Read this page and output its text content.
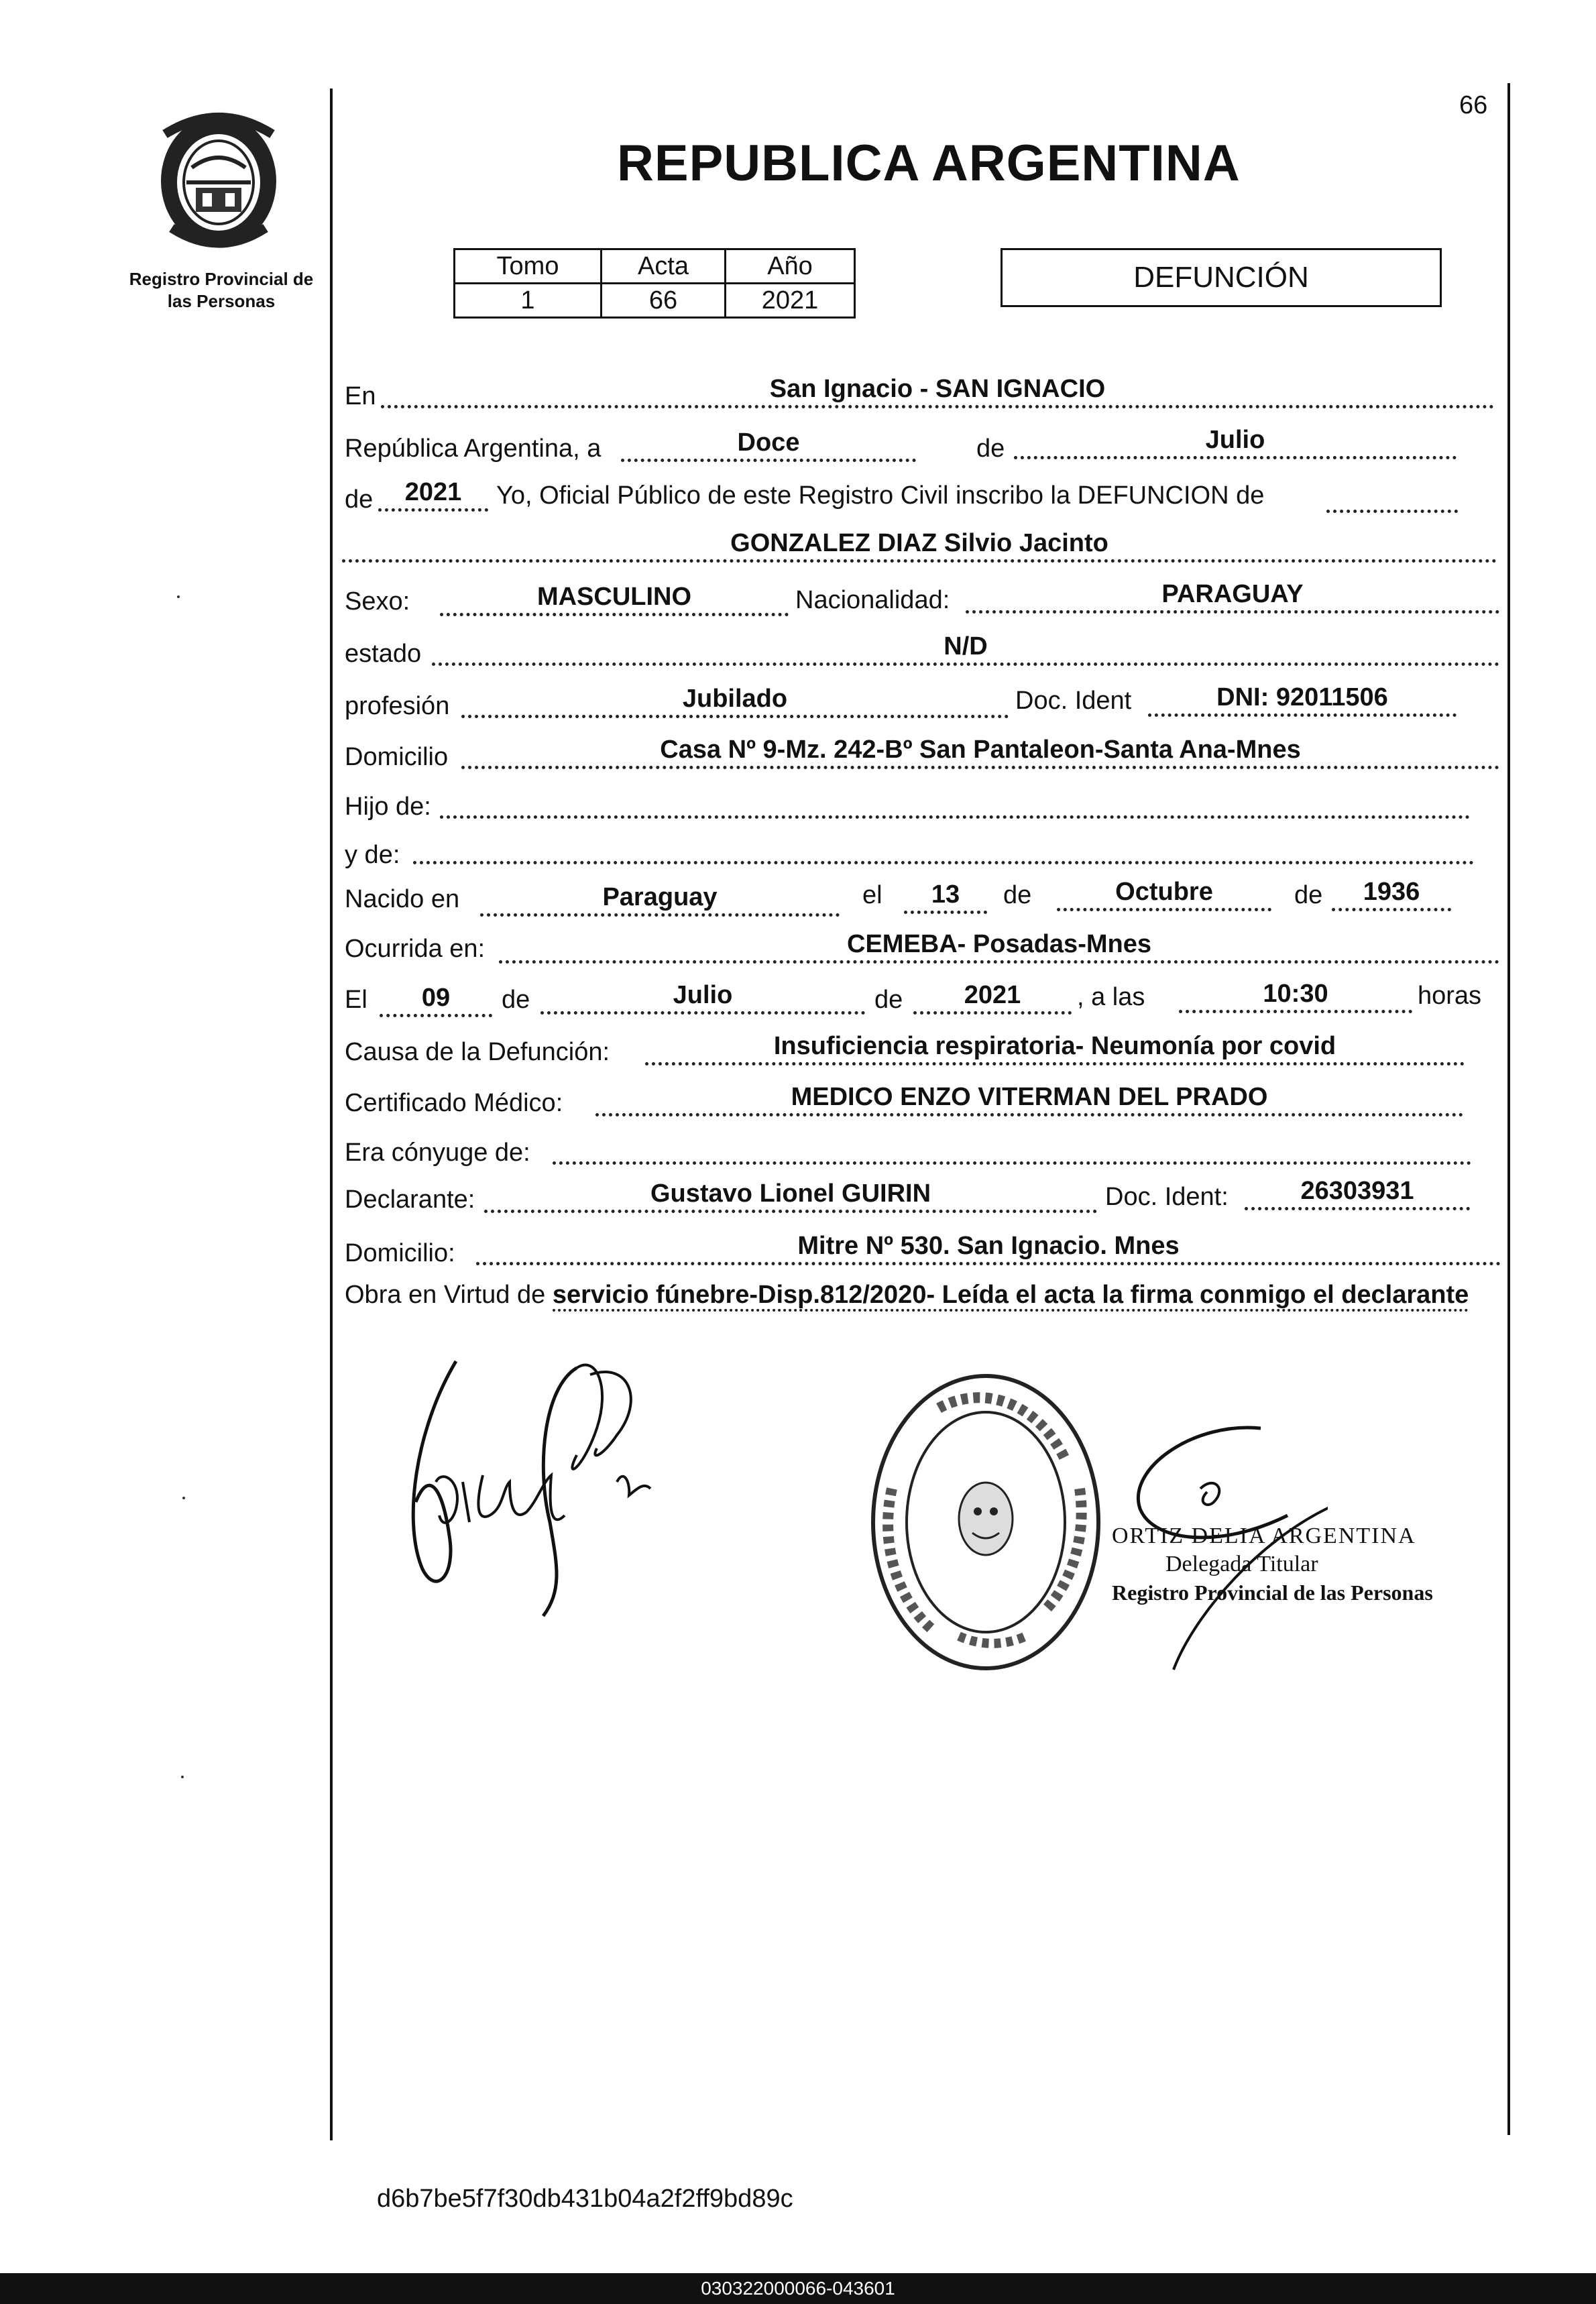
66
Registro Provincial de
las Personas
REPUBLICA ARGENTINA
Tomo	Acta	Año
1	66	2021
DEFUNCIÓN
En	San Ignacio - SAN IGNACIO
República Argentina, a	Doce	de	Julio
de	2021	Yo, Oficial Público de este Registro Civil inscribo la DEFUNCION de
GONZALEZ DIAZ Silvio Jacinto
Sexo:	MASCULINO	Nacionalidad:	PARAGUAY
estado	N/D
profesión	Jubilado	Doc. Ident	DNI: 92011506
Domicilio	Casa Nº 9-Mz. 242-Bº San Pantaleon-Santa Ana-Mnes
Hijo de:
y de:
Nacido en	Paraguay	el	13	de	Octubre	de	1936
Ocurrida en:	CEMEBA- Posadas-Mnes
El	09	de	Julio	de	2021	, a las	10:30	horas
Causa de la Defunción:	Insuficiencia respiratoria- Neumonía por covid
Certificado Médico:	MEDICO ENZO VITERMAN DEL PRADO
Era cónyuge de:
Declarante:	Gustavo Lionel GUIRIN	Doc. Ident:	26303931
Domicilio:	Mitre Nº 530. San Ignacio. Mnes
Obra en Virtud de servicio fúnebre-Disp.812/2020- Leída el acta la firma conmigo el declarante
ORTIZ DELIA ARGENTINA
Delegada Titular
Registro Provincial de las Personas
d6b7be5f7f30db431b04a2f2ff9bd89c
030322000066-043601
